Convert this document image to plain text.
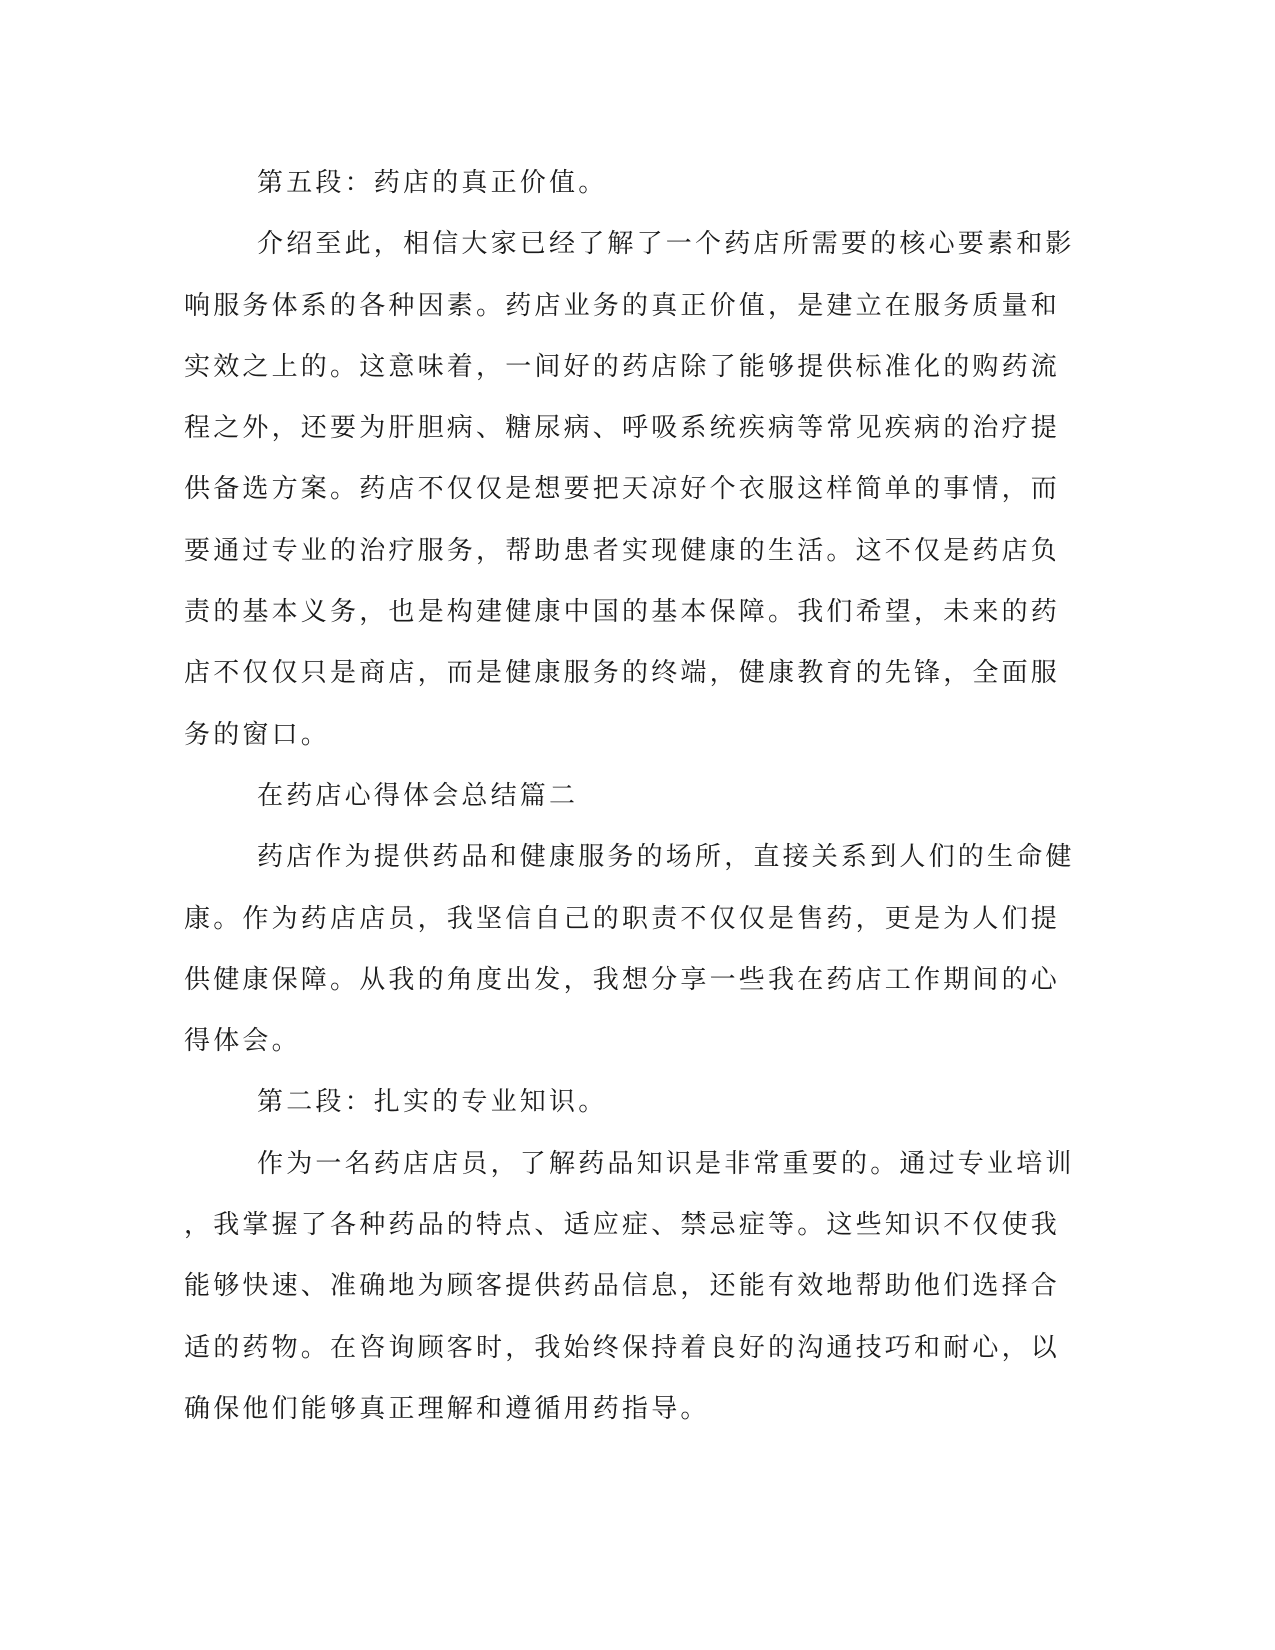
第五段：药店的真正价值。
介绍至此，相信大家已经了解了一个药店所需要的核心要素和影
响服务体系的各种因素。药店业务的真正价值，是建立在服务质量和
实效之上的。这意味着，一间好的药店除了能够提供标准化的购药流
程之外，还要为肝胆病、糖尿病、呼吸系统疾病等常见疾病的治疗提
供备选方案。药店不仅仅是想要把天凉好个衣服这样简单的事情，而
要通过专业的治疗服务，帮助患者实现健康的生活。这不仅是药店负
责的基本义务，也是构建健康中国的基本保障。我们希望，未来的药
店不仅仅只是商店，而是健康服务的终端，健康教育的先锋，全面服
务的窗口。
在药店心得体会总结篇二
药店作为提供药品和健康服务的场所，直接关系到人们的生命健
康。作为药店店员，我坚信自己的职责不仅仅是售药，更是为人们提
供健康保障。从我的角度出发，我想分享一些我在药店工作期间的心
得体会。
第二段：扎实的专业知识。
作为一名药店店员，了解药品知识是非常重要的。通过专业培训
，我掌握了各种药品的特点、适应症、禁忌症等。这些知识不仅使我
能够快速、准确地为顾客提供药品信息，还能有效地帮助他们选择合
适的药物。在咨询顾客时，我始终保持着良好的沟通技巧和耐心，以
确保他们能够真正理解和遵循用药指导。
